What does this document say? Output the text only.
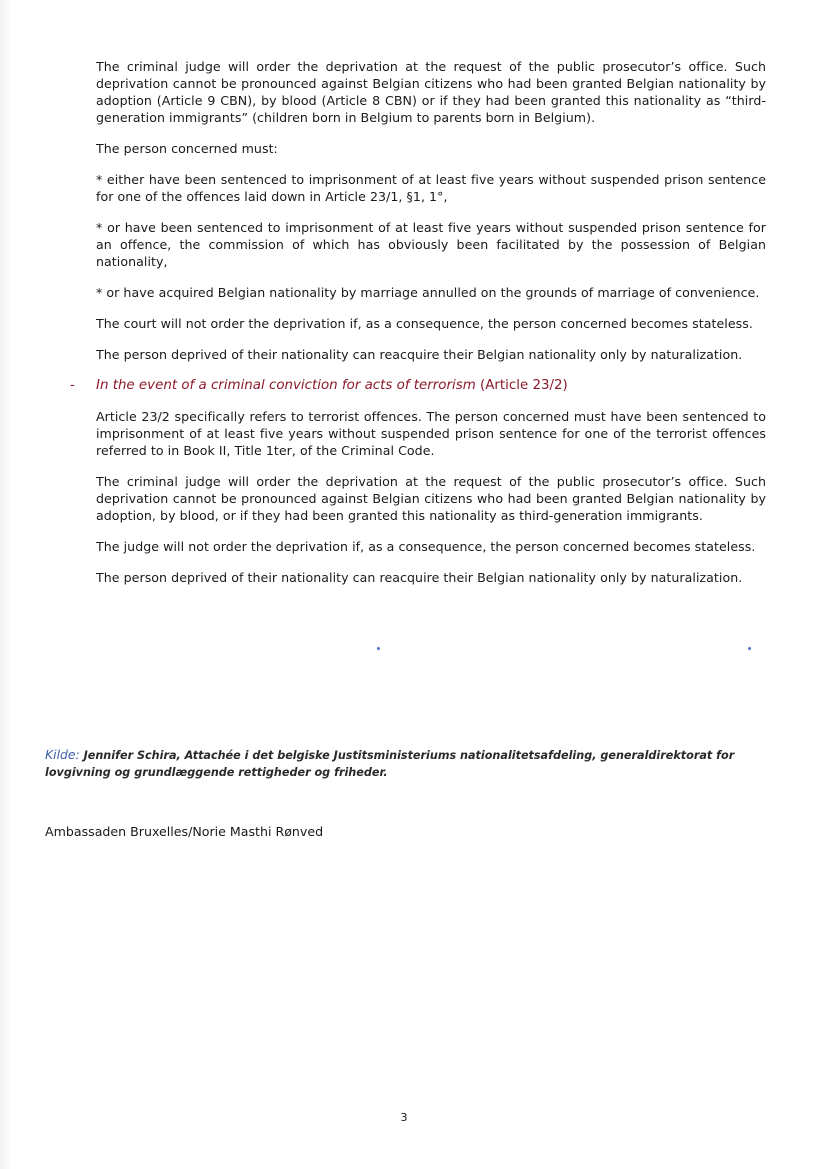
The criminal judge will order the deprivation at the request of the public prosecutor’s office. Such deprivation cannot be pronounced against Belgian citizens who had been granted Belgian nationality by adoption (Article 9 CBN), by blood (Article 8 CBN) or if they had been granted this nationality as “third-generation immigrants” (children born in Belgium to parents born in Belgium).

The person concerned must:

* either have been sentenced to imprisonment of at least five years without suspended prison sentence for one of the offences laid down in Article 23/1, §1, 1°,

* or have been sentenced to imprisonment of at least five years without suspended prison sentence for an offence, the commission of which has obviously been facilitated by the possession of Belgian nationality,

* or have acquired Belgian nationality by marriage annulled on the grounds of marriage of convenience.

The court will not order the deprivation if, as a consequence, the person concerned becomes stateless.

The person deprived of their nationality can reacquire their Belgian nationality only by naturalization.

- In the event of a criminal conviction for acts of terrorism (Article 23/2)

Article 23/2 specifically refers to terrorist offences. The person concerned must have been sentenced to imprisonment of at least five years without suspended prison sentence for one of the terrorist offences referred to in Book II, Title 1ter, of the Criminal Code.

The criminal judge will order the deprivation at the request of the public prosecutor’s office. Such deprivation cannot be pronounced against Belgian citizens who had been granted Belgian nationality by adoption, by blood, or if they had been granted this nationality as third-generation immigrants.

The judge will not order the deprivation if, as a consequence, the person concerned becomes stateless.

The person deprived of their nationality can reacquire their Belgian nationality only by naturalization.

Kilde: Jennifer Schira, Attachée i det belgiske Justitsministeriums nationalitetsafdeling, generaldirektorat for lovgivning og grundlæggende rettigheder og friheder.
Ambassaden Bruxelles/Norie Masthi Rønved
3
